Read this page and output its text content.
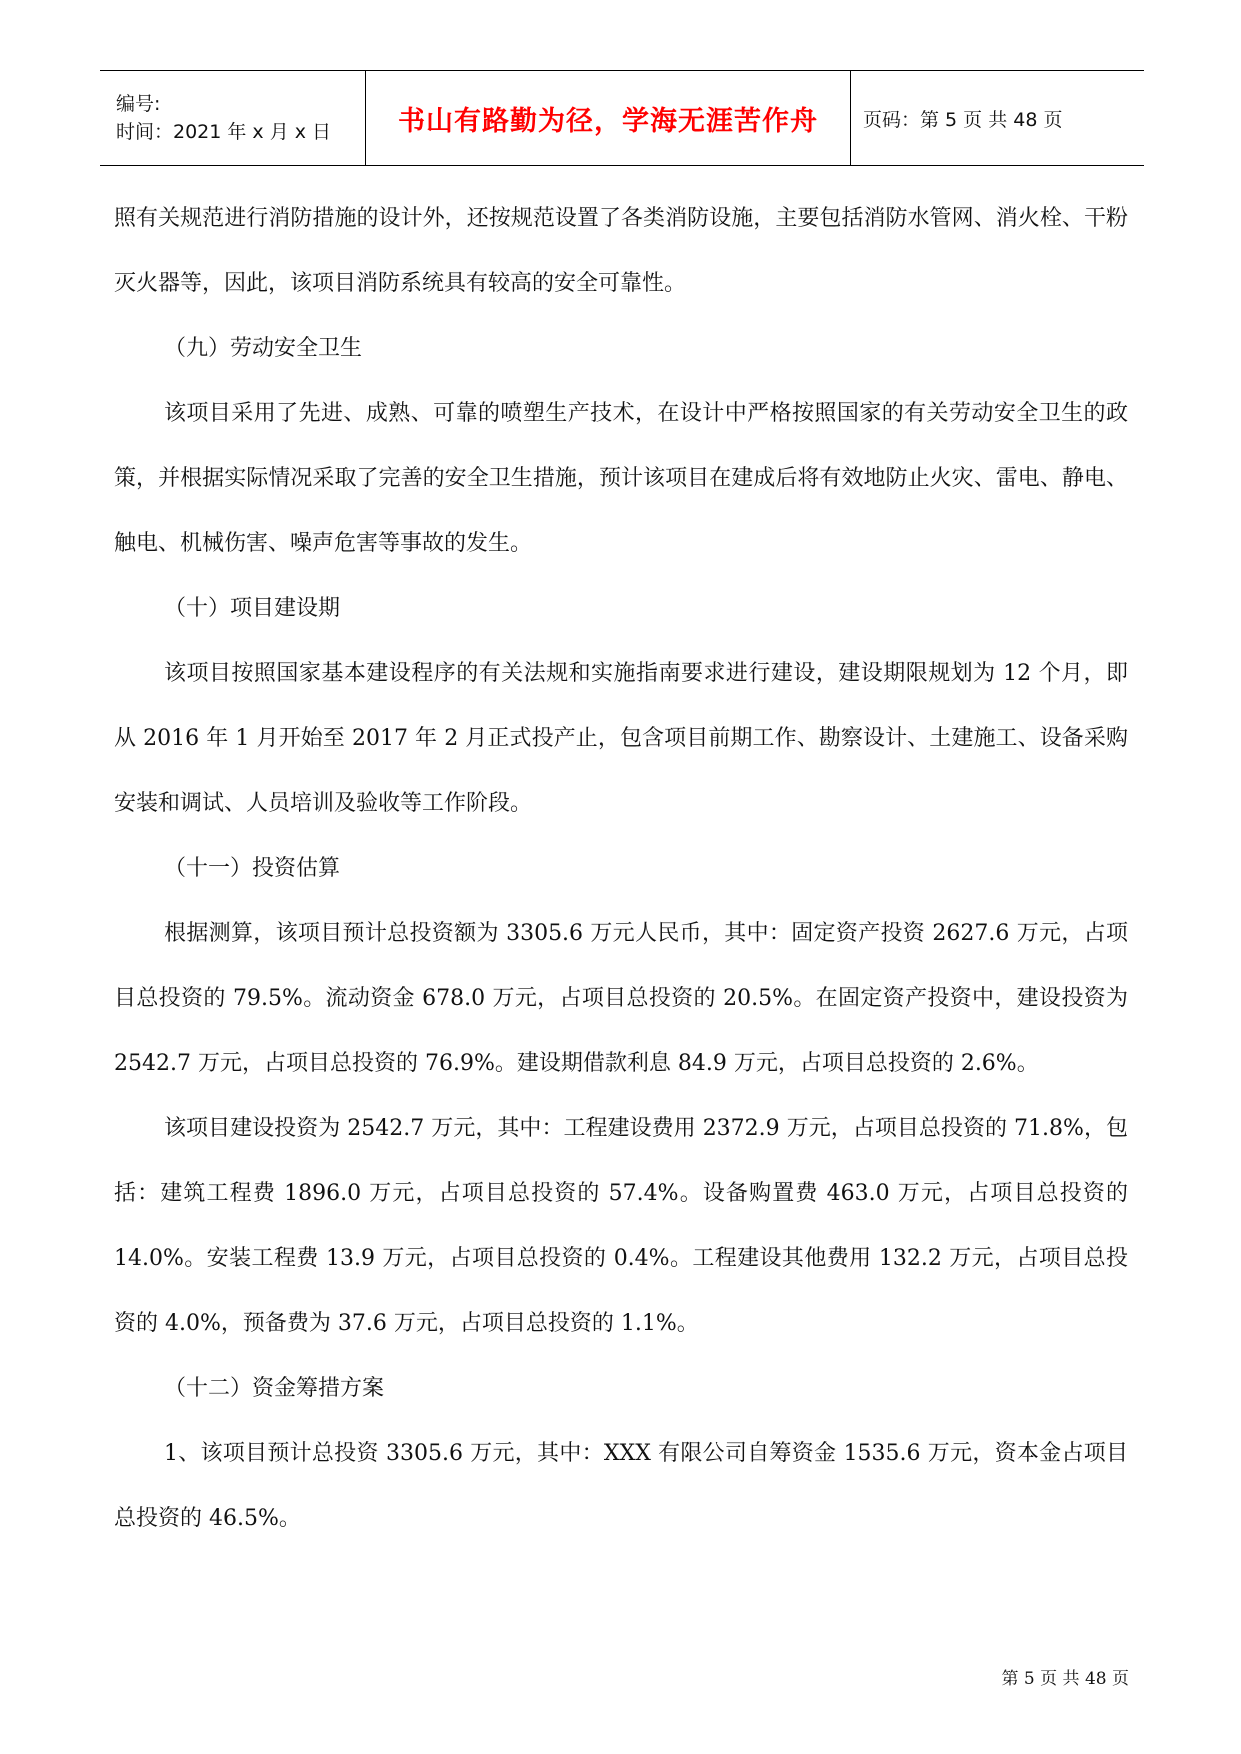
编号:
时间：2021 年 x 月 x 日	书山有路勤为径，学海无涯苦作舟	页码：第 5 页 共 48 页

照有关规范进行消防措施的设计外，还按规范设置了各类消防设施，主要包括消防水管网、消火栓、干粉灭火器等，因此，该项目消防系统具有较高的安全可靠性。

（九）劳动安全卫生

该项目采用了先进、成熟、可靠的喷塑生产技术，在设计中严格按照国家的有关劳动安全卫生的政策，并根据实际情况采取了完善的安全卫生措施，预计该项目在建成后将有效地防止火灾、雷电、静电、触电、机械伤害、噪声危害等事故的发生。

（十）项目建设期

该项目按照国家基本建设程序的有关法规和实施指南要求进行建设，建设期限规划为 12 个月，即从 2016 年 1 月开始至 2017 年 2 月正式投产止，包含项目前期工作、勘察设计、土建施工、设备采购安装和调试、人员培训及验收等工作阶段。

（十一）投资估算

根据测算，该项目预计总投资额为 3305.6 万元人民币，其中：固定资产投资 2627.6 万元，占项目总投资的 79.5%。流动资金 678.0 万元，占项目总投资的 20.5%。在固定资产投资中，建设投资为 2542.7 万元，占项目总投资的 76.9%。建设期借款利息 84.9 万元，占项目总投资的 2.6%。

该项目建设投资为 2542.7 万元，其中：工程建设费用 2372.9 万元，占项目总投资的 71.8%，包括：建筑工程费 1896.0 万元，占项目总投资的 57.4%。设备购置费 463.0 万元，占项目总投资的 14.0%。安装工程费 13.9 万元，占项目总投资的 0.4%。工程建设其他费用 132.2 万元，占项目总投资的 4.0%，预备费为 37.6 万元，占项目总投资的 1.1%。

（十二）资金筹措方案

1、该项目预计总投资 3305.6 万元，其中：XXX 有限公司自筹资金 1535.6 万元，资本金占项目总投资的 46.5%。

第 5 页 共 48 页
